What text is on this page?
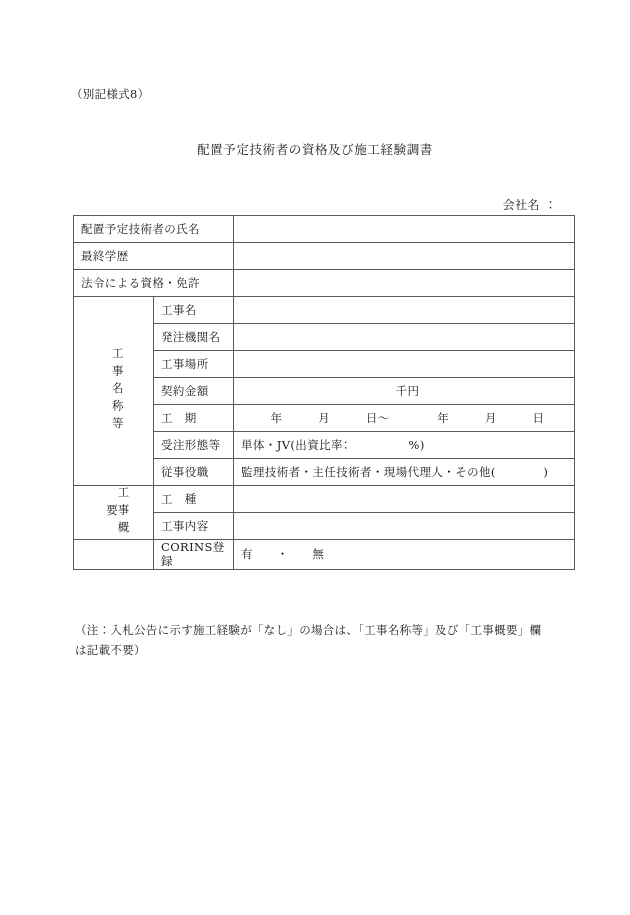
（別記様式8）
配置予定技術者の資格及び施工経験調書
会社名 ：
配置予定技術者の氏名		
最終学歴		
法令による資格・免許		

工事名称等	工事名	
	発注機関名	
	工事場所	
	契約金額	千円
	工　期	年　　　月　　　日〜　　　　年　　　月　　　日
	受注形態等	単体・JV(出資比率：　　　　　%)
	従事役職	監理技術者・主任技術者・現場代理人・その他(　　　　)

工事概要	工　種	
	工事内容	
	CORINS登録	有　　・　　無
（注：入札公告に示す施工経験が「なし」の場合は、「工事名称等」及び「工事概要」欄
は記載不要）
